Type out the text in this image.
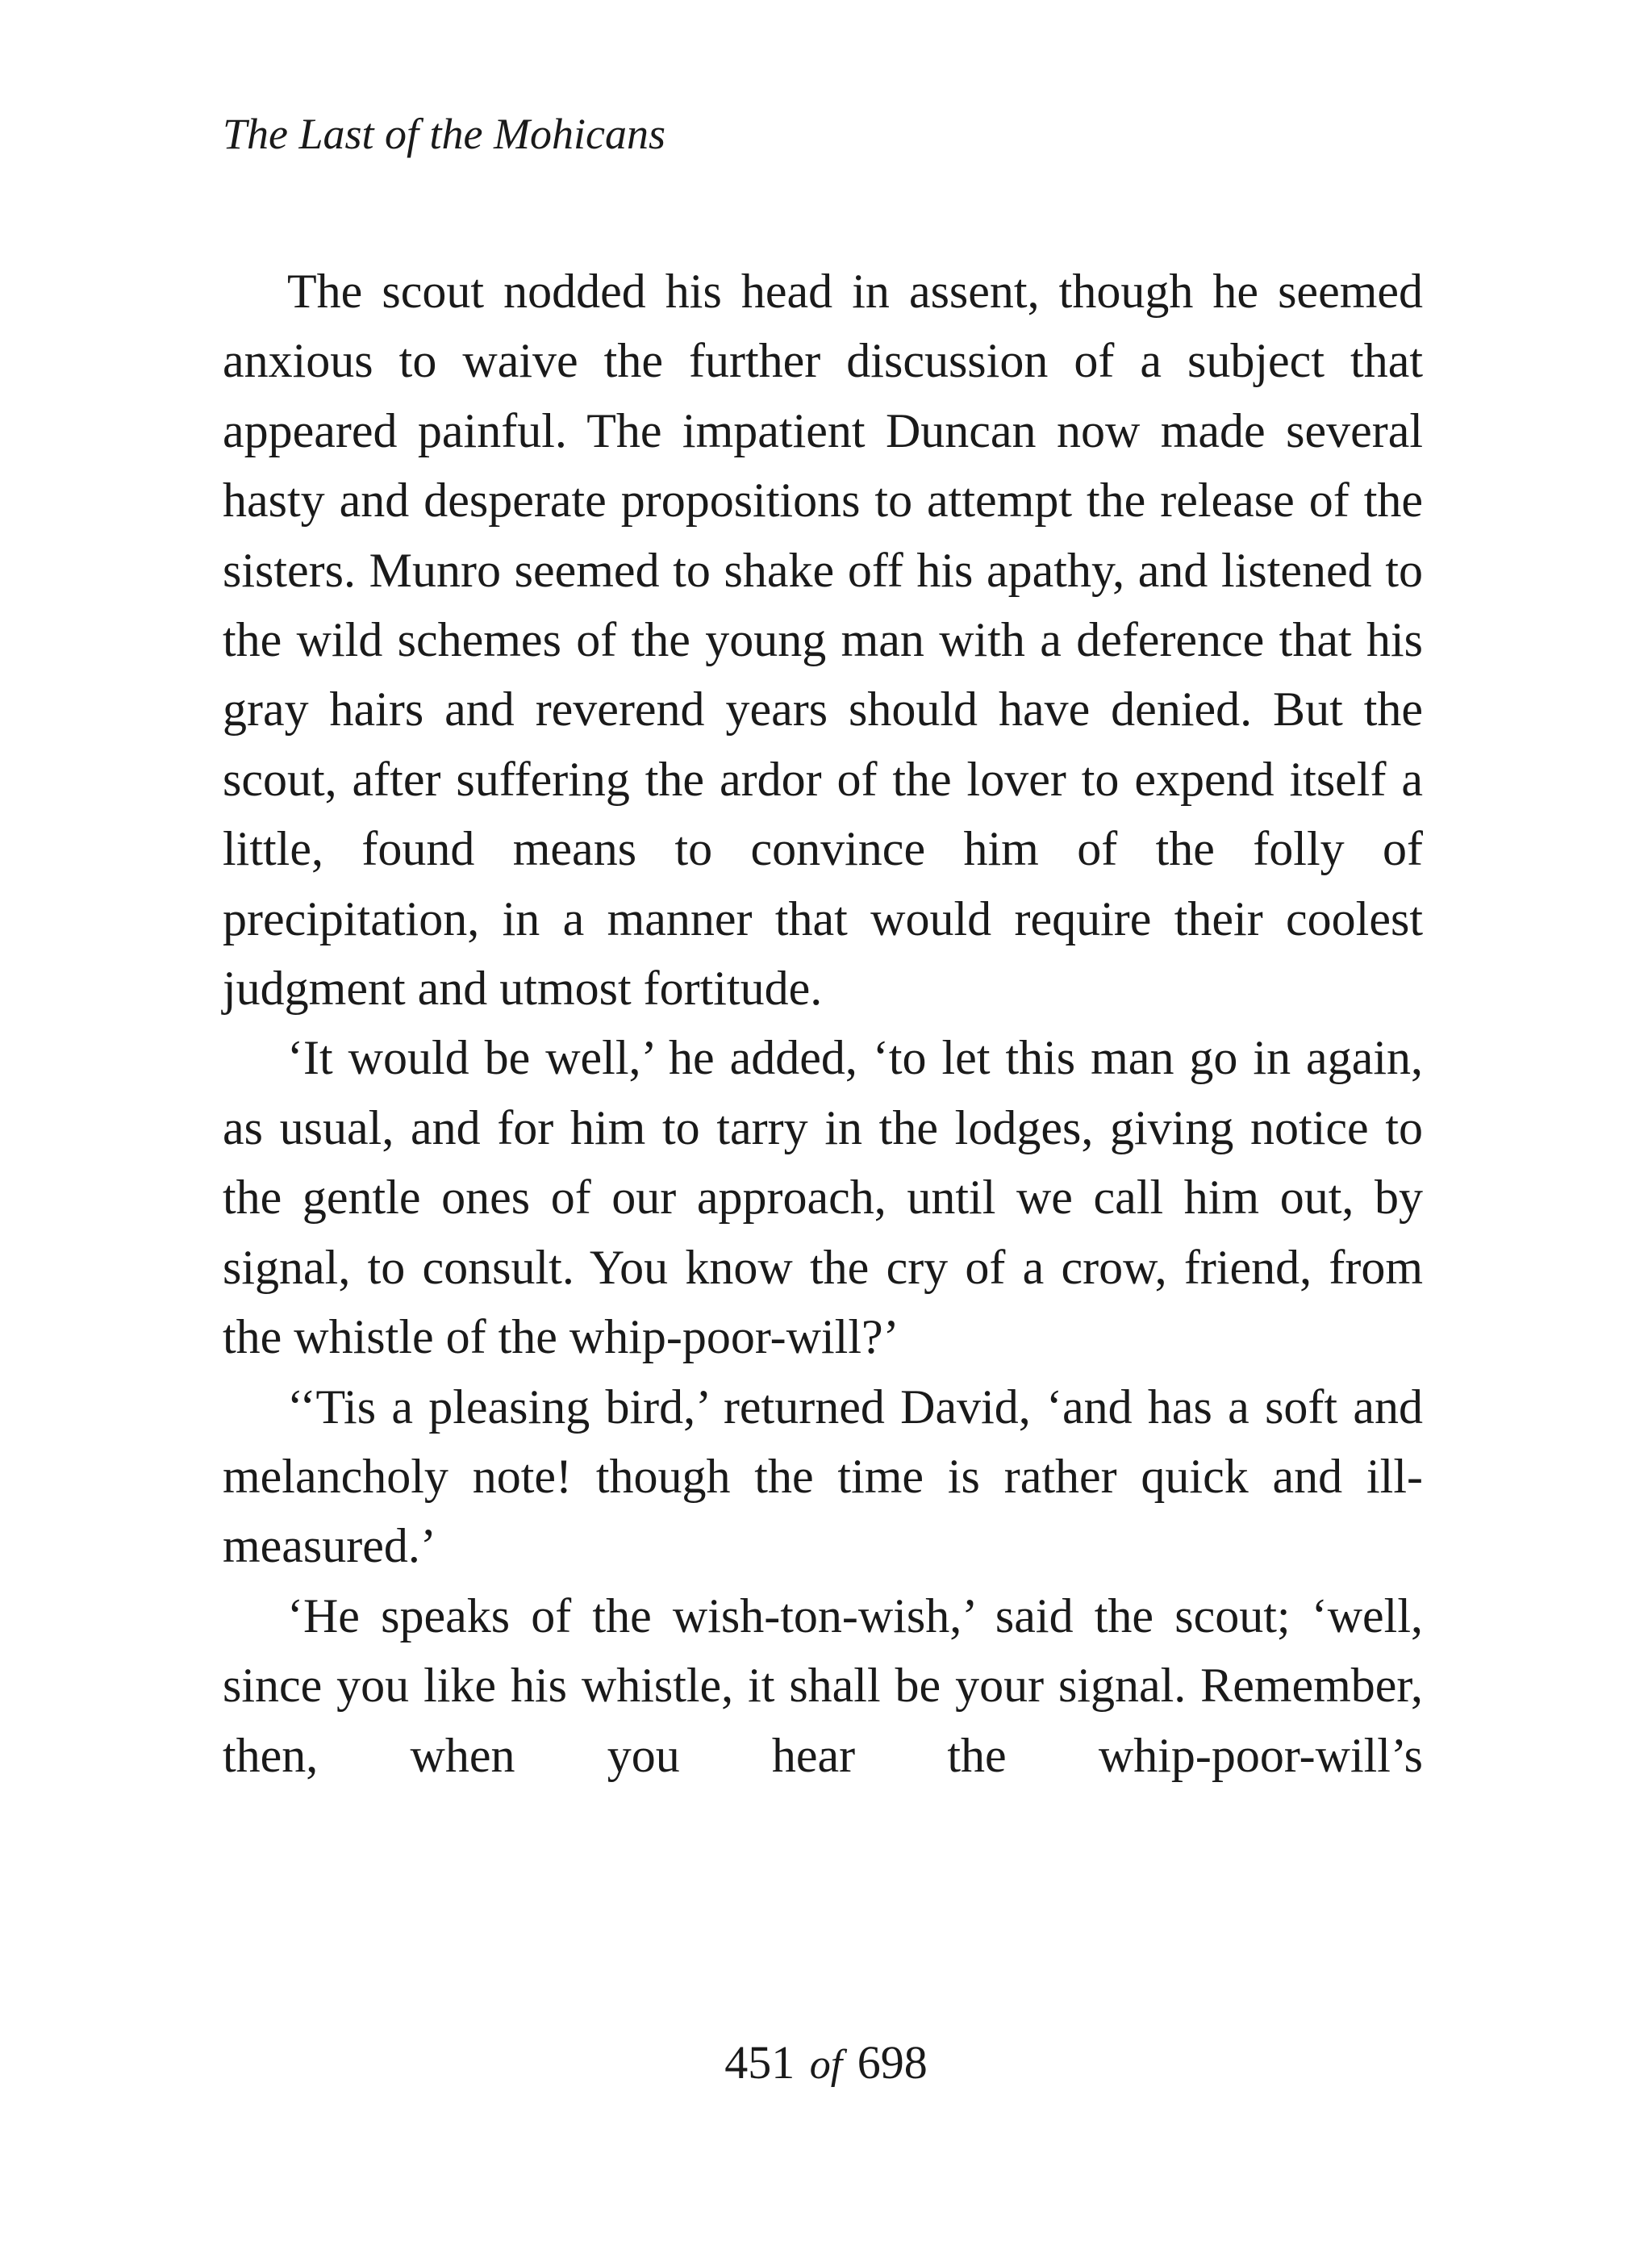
The Last of the Mohicans

The scout nodded his head in assent, though he seemed anxious to waive the further discussion of a subject that appeared painful. The impatient Duncan now made several hasty and desperate propositions to attempt the release of the sisters. Munro seemed to shake off his apathy, and listened to the wild schemes of the young man with a deference that his gray hairs and reverend years should have denied. But the scout, after suffering the ardor of the lover to expend itself a little, found means to convince him of the folly of precipitation, in a manner that would require their coolest judgment and utmost fortitude.

‘It would be well,’ he added, ‘to let this man go in again, as usual, and for him to tarry in the lodges, giving notice to the gentle ones of our approach, until we call him out, by signal, to consult. You know the cry of a crow, friend, from the whistle of the whip-poor-will?’

‘‘Tis a pleasing bird,’ returned David, ‘and has a soft and melancholy note! though the time is rather quick and ill-measured.’

‘He speaks of the wish-ton-wish,’ said the scout; ‘well, since you like his whistle, it shall be your signal. Remember, then, when you hear the whip-poor-will’s

451 of 698
